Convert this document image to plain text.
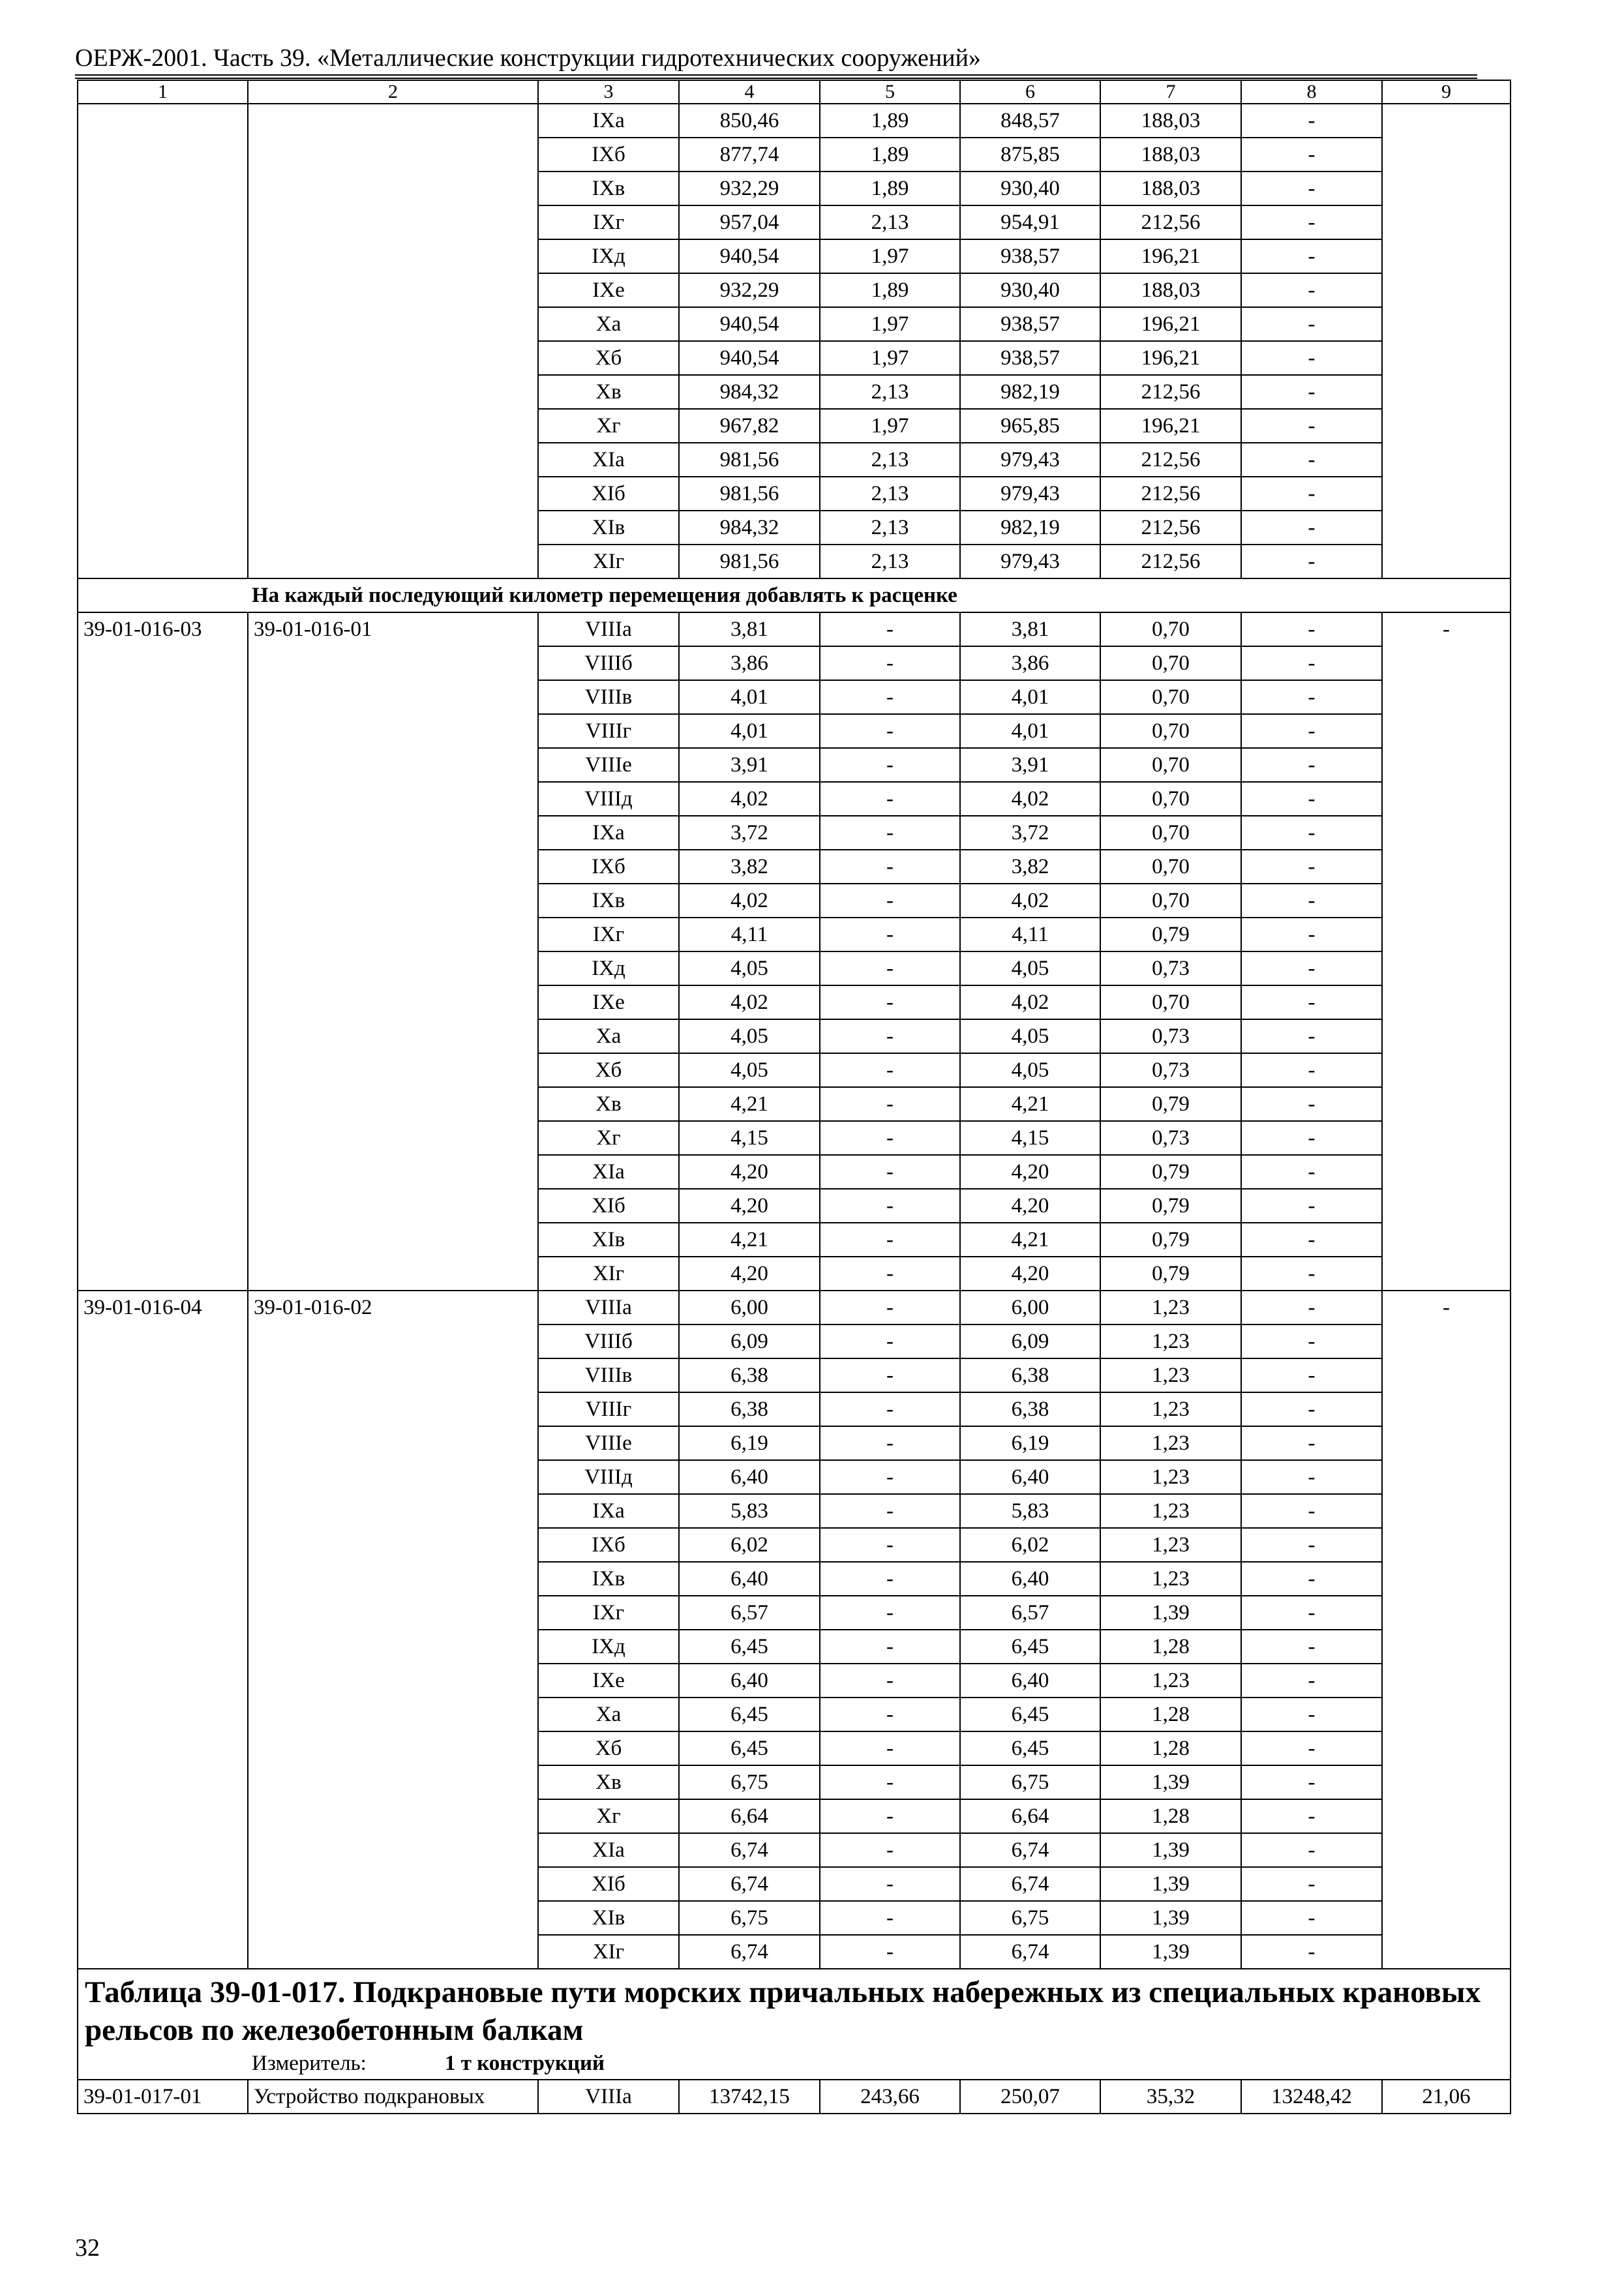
ОЕРЖ-2001. Часть 39. «Металлические конструкции гидротехнических сооружений»
1	2	3	4	5	6	7	8	9
		IХа	850,46	1,89	848,57	188,03	-	
		IХб	877,74	1,89	875,85	188,03	-	
		IХв	932,29	1,89	930,40	188,03	-	
		IХг	957,04	2,13	954,91	212,56	-	
		IХд	940,54	1,97	938,57	196,21	-	
		IХе	932,29	1,89	930,40	188,03	-	
		Ха	940,54	1,97	938,57	196,21	-	
		Хб	940,54	1,97	938,57	196,21	-	
		Хв	984,32	2,13	982,19	212,56	-	
		Хг	967,82	1,97	965,85	196,21	-	
		ХIа	981,56	2,13	979,43	212,56	-	
		ХIб	981,56	2,13	979,43	212,56	-	
		ХIв	984,32	2,13	982,19	212,56	-	
		ХIг	981,56	2,13	979,43	212,56	-	
На каждый последующий километр перемещения добавлять к расценке								
39-01-016-03	39-01-016-01	VIIIа	3,81	-	3,81	0,70	-	-
		VIIIб	3,86	-	3,86	0,70	-	
		VIIIв	4,01	-	4,01	0,70	-	
		VIIIг	4,01	-	4,01	0,70	-	
		VIIIе	3,91	-	3,91	0,70	-	
		VIIIд	4,02	-	4,02	0,70	-	
		IХа	3,72	-	3,72	0,70	-	
		IХб	3,82	-	3,82	0,70	-	
		IХв	4,02	-	4,02	0,70	-	
		IХг	4,11	-	4,11	0,79	-	
		IХд	4,05	-	4,05	0,73	-	
		IХе	4,02	-	4,02	0,70	-	
		Ха	4,05	-	4,05	0,73	-	
		Хб	4,05	-	4,05	0,73	-	
		Хв	4,21	-	4,21	0,79	-	
		Хг	4,15	-	4,15	0,73	-	
		ХIа	4,20	-	4,20	0,79	-	
		ХIб	4,20	-	4,20	0,79	-	
		ХIв	4,21	-	4,21	0,79	-	
		ХIг	4,20	-	4,20	0,79	-	
39-01-016-04	39-01-016-02	VIIIа	6,00	-	6,00	1,23	-	-
		VIIIб	6,09	-	6,09	1,23	-	
		VIIIв	6,38	-	6,38	1,23	-	
		VIIIг	6,38	-	6,38	1,23	-	
		VIIIе	6,19	-	6,19	1,23	-	
		VIIIд	6,40	-	6,40	1,23	-	
		IХа	5,83	-	5,83	1,23	-	
		IХб	6,02	-	6,02	1,23	-	
		IХв	6,40	-	6,40	1,23	-	
		IХг	6,57	-	6,57	1,39	-	
		IХд	6,45	-	6,45	1,28	-	
		IХе	6,40	-	6,40	1,23	-	
		Ха	6,45	-	6,45	1,28	-	
		Хб	6,45	-	6,45	1,28	-	
		Хв	6,75	-	6,75	1,39	-	
		Хг	6,64	-	6,64	1,28	-	
		ХIа	6,74	-	6,74	1,39	-	
		ХIб	6,74	-	6,74	1,39	-	
		ХIв	6,75	-	6,75	1,39	-	
		ХIг	6,74	-	6,74	1,39	-	

Таблица 39-01-017. Подкрановые пути морских причальных набережных из специальных крановых рельсов по железобетонным балкам
Измеритель: 1 т конструкций								

39-01-017-01	Устройство подкрановых	VIIIа	13742,15	243,66	250,07	35,32	13248,42	21,06
32
